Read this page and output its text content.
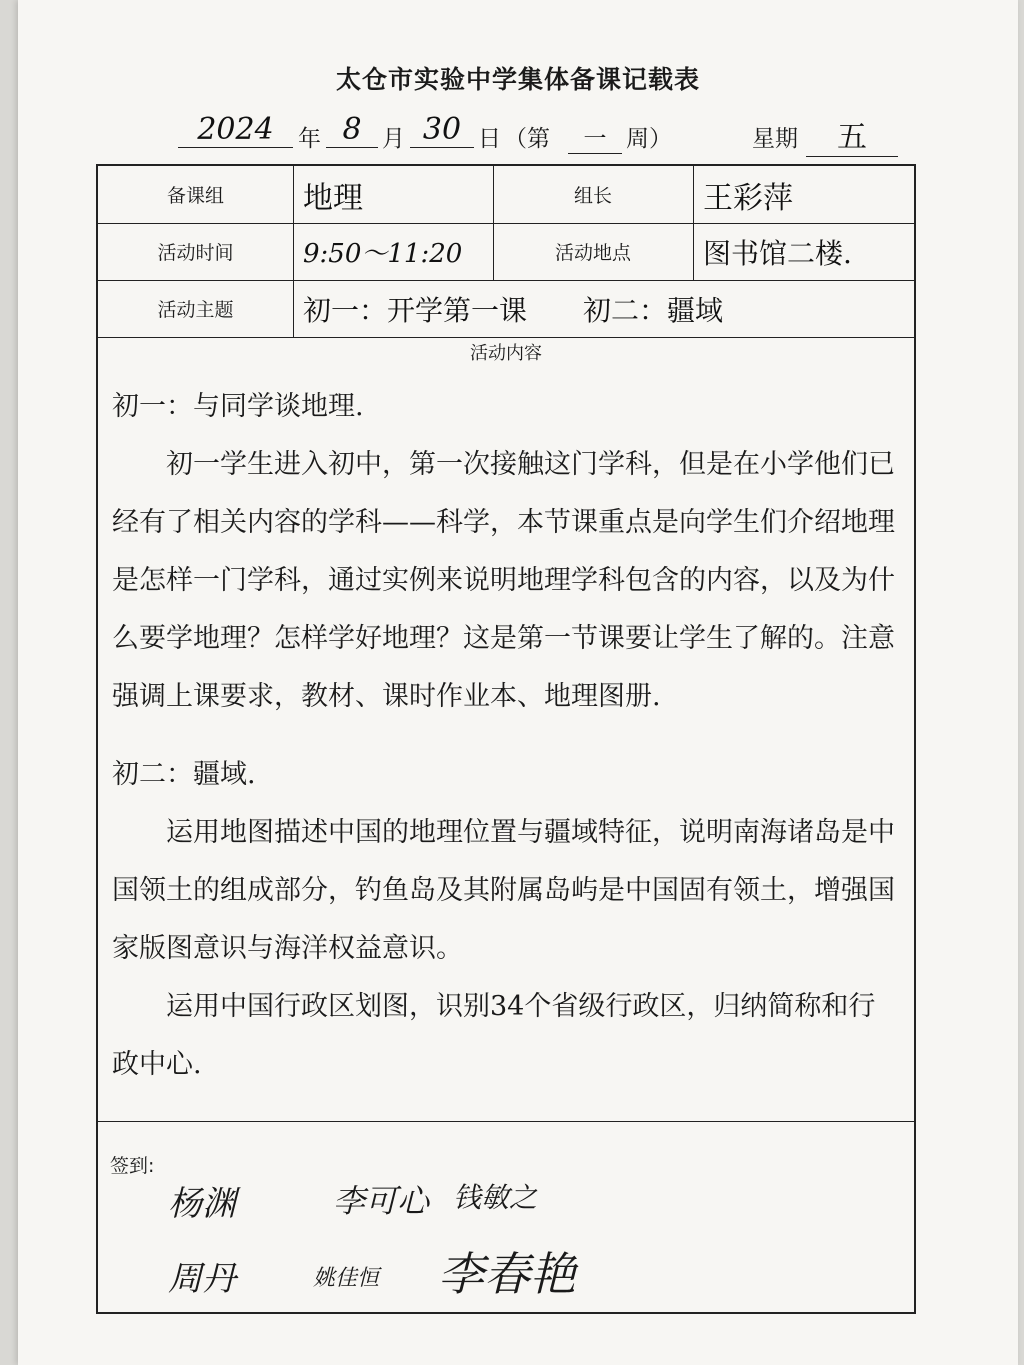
太仓市实验中学集体备课记载表
2024	年 8 月 30 日 （第	一 周）	星期	五
备课组	地理	组长	王彩萍
活动时间	9:50～11:20	活动地点	图书馆二楼.
活动主题	初一：开学第一课　　初二：疆域
活动内容

初一：与同学谈地理.

初一学生进入初中，第一次接触这门学科，但是在小学他们已经有了相关内容的学科——科学，本节课重点是向学生们介绍地理是怎样一门学科，通过实例来说明地理学科包含的内容，以及为什么要学地理？怎样学好地理？这是第一节课要让学生了解的。注意强调上课要求，教材、课时作业本、地理图册.

初二：疆域.

运用地图描述中国的地理位置与疆域特征，说明南海诸岛是中国领土的组成部分，钓鱼岛及其附属岛屿是中国固有领土，增强国家版图意识与海洋权益意识。

运用中国行政区划图，识别34个省级行政区，归纳简称和行政中心.

签到:
杨渊	李可心 钱敏之
周丹	姚佳恒 李春艳
